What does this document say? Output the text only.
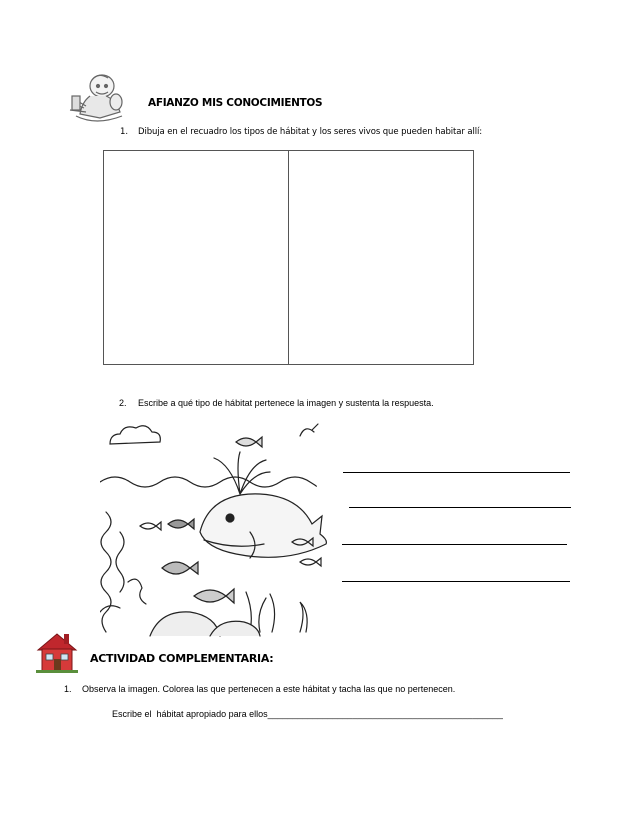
AFIANZO MIS CONOCIMIENTOS
1. Dibuja en el recuadro los tipos de hábitat y los seres vivos que pueden habitar allí:
2. Escribe a qué tipo de hábitat pertenece la imagen y sustenta la respuesta.
ACTIVIDAD COMPLEMENTARIA:
1. Observa la imagen. Colorea las que pertenecen a este hábitat y tacha las que no pertenecen.
Escribe el  hábitat apropiado para ellos_______________________________________________
